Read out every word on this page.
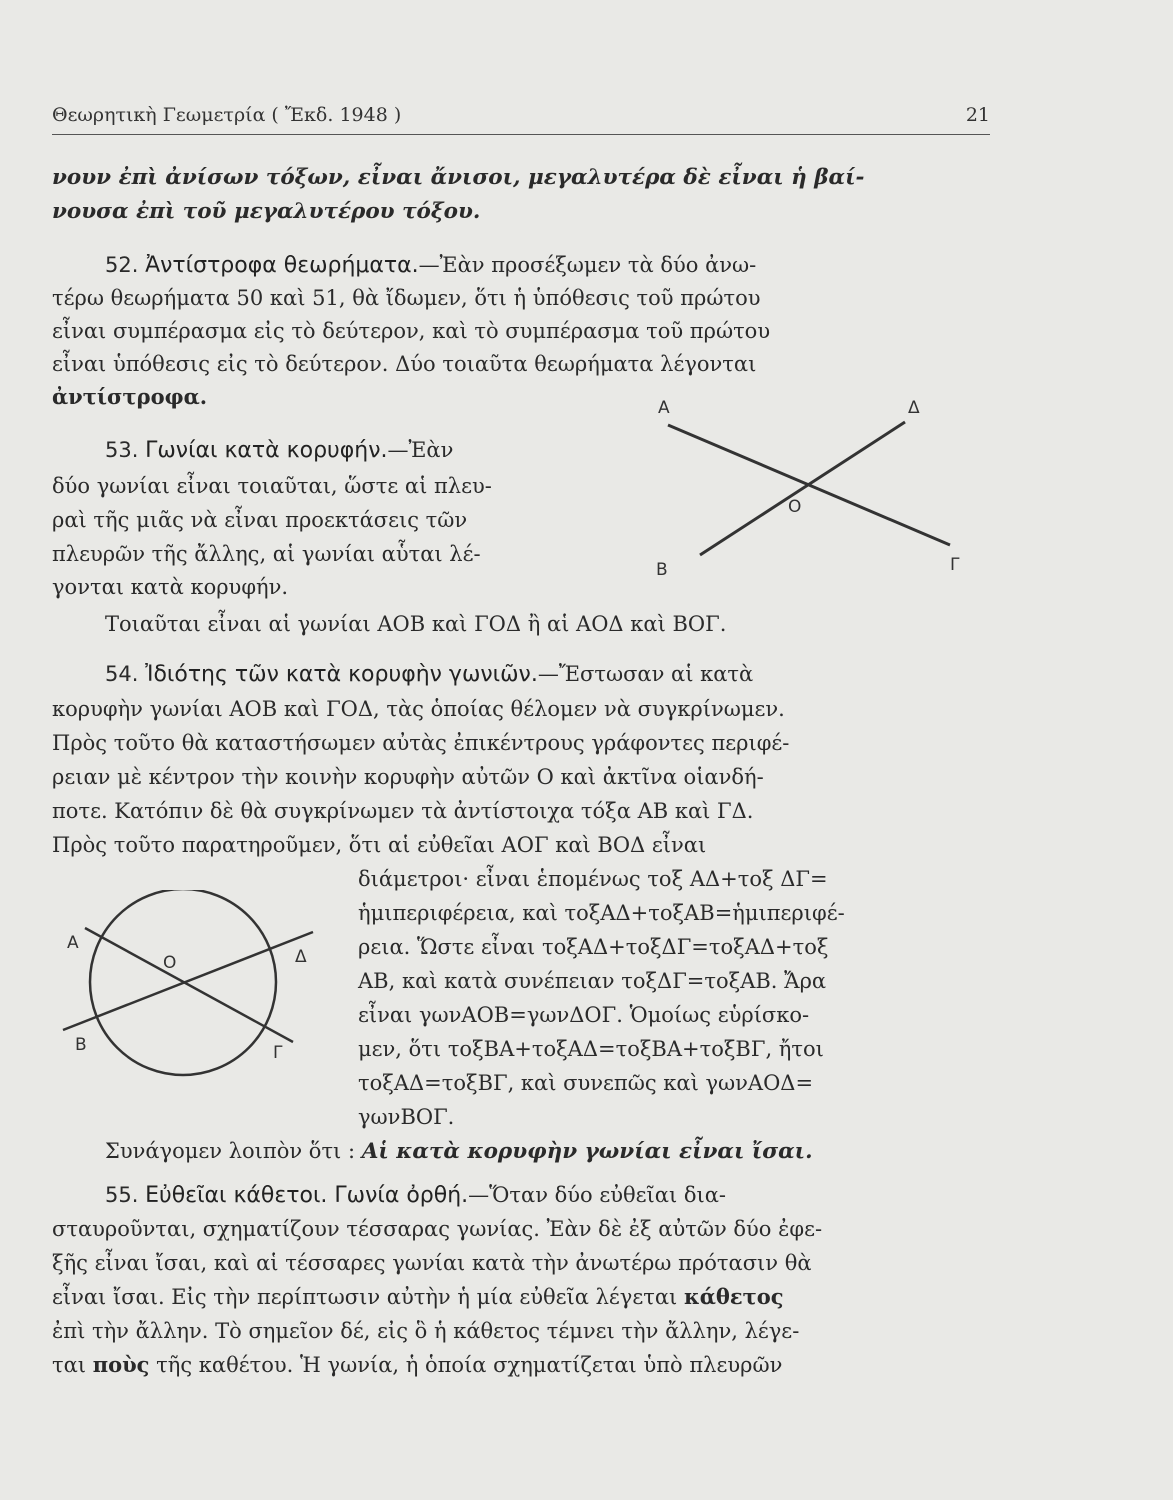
Θεωρητικὴ Γεωμετρία ( Ἔκδ. 1948 )	21
νουν ἐπὶ ἀνίσων τόξων, εἶναι ἄνισοι, μεγαλυτέρα δὲ εἶναι ἡ βαί-
νουσα ἐπὶ τοῦ μεγαλυτέρου τόξου.
52. Ἀντίστροφα θεωρήματα.—Ἐὰν προσέξωμεν τὰ δύο ἀνω-
τέρω θεωρήματα 50 καὶ 51, θὰ ἴδωμεν, ὅτι ἡ ὑπόθεσις τοῦ πρώτου
εἶναι συμπέρασμα εἰς τὸ δεύτερον, καὶ τὸ συμπέρασμα τοῦ πρώτου
εἶναι ὑπόθεσις εἰς τὸ δεύτερον. Δύο τοιαῦτα θεωρήματα λέγονται
ἀντίστροφα.
53. Γωνίαι κατὰ κορυφήν.—Ἐὰν
δύο γωνίαι εἶναι τοιαῦται, ὥστε αἱ πλευ-
ραὶ τῆς μιᾶς νὰ εἶναι προεκτάσεις τῶν
πλευρῶν τῆς ἄλλης, αἱ γωνίαι αὗται λέ-
γονται κατὰ κορυφήν.
Α	Δ
Ο
Β	Γ
Τοιαῦται εἶναι αἱ γωνίαι ΑΟΒ καὶ ΓΟΔ ἢ αἱ ΑΟΔ καὶ ΒΟΓ.
54. Ἰδιότης τῶν κατὰ κορυφὴν γωνιῶν.—Ἔστωσαν αἱ κατὰ
κορυφὴν γωνίαι ΑΟΒ καὶ ΓΟΔ, τὰς ὁποίας θέλομεν νὰ συγκρίνωμεν.
Πρὸς τοῦτο θὰ καταστήσωμεν αὐτὰς ἐπικέντρους γράφοντες περιφέ-
ρειαν μὲ κέντρον τὴν κοινὴν κορυφὴν αὐτῶν Ο καὶ ἀκτῖνα οἱανδή-
ποτε. Κατόπιν δὲ θὰ συγκρίνωμεν τὰ ἀντίστοιχα τόξα ΑΒ καὶ ΓΔ.
Πρὸς τοῦτο παρατηροῦμεν, ὅτι αἱ εὐθεῖαι ΑΟΓ καὶ ΒΟΔ εἶναι
διάμετροι· εἶναι ἑπομένως τοξ ΑΔ+τοξ ΔΓ=
ἡμιπεριφέρεια, καὶ τοξΑΔ+τοξΑΒ=ἡμιπεριφέ-
ρεια. Ὥστε εἶναι τοξΑΔ+τοξΔΓ=τοξΑΔ+τοξ
ΑΒ, καὶ κατὰ συνέπειαν τοξΔΓ=τοξΑΒ. Ἄρα
εἶναι γωνΑΟΒ=γωνΔΟΓ. Ὁμοίως εὑρίσκο-
μεν, ὅτι τοξΒΑ+τοξΑΔ=τοξΒΑ+τοξΒΓ, ἤτοι
τοξΑΔ=τοξΒΓ, καὶ συνεπῶς καὶ γωνΑΟΔ=
γωνΒΟΓ.
Α
Ο	Δ
Β	Γ
Συνάγομεν λοιπὸν ὅτι : Αἱ κατὰ κορυφὴν γωνίαι εἶναι ἴσαι.
55. Εὐθεῖαι κάθετοι. Γωνία ὀρθή.—Ὅταν δύο εὐθεῖαι δια-
σταυροῦνται, σχηματίζουν τέσσαρας γωνίας. Ἐὰν δὲ ἐξ αὐτῶν δύο ἐφε-
ξῆς εἶναι ἴσαι, καὶ αἱ τέσσαρες γωνίαι κατὰ τὴν ἀνωτέρω πρότασιν θὰ
εἶναι ἴσαι. Εἰς τὴν περίπτωσιν αὐτὴν ἡ μία εὐθεῖα λέγεται κάθετος
ἐπὶ τὴν ἄλλην. Τὸ σημεῖον δέ, εἰς ὃ ἡ κάθετος τέμνει τὴν ἄλλην, λέγε-
ται ποὺς τῆς καθέτου. Ἡ γωνία, ἡ ὁποία σχηματίζεται ὑπὸ πλευρῶν
